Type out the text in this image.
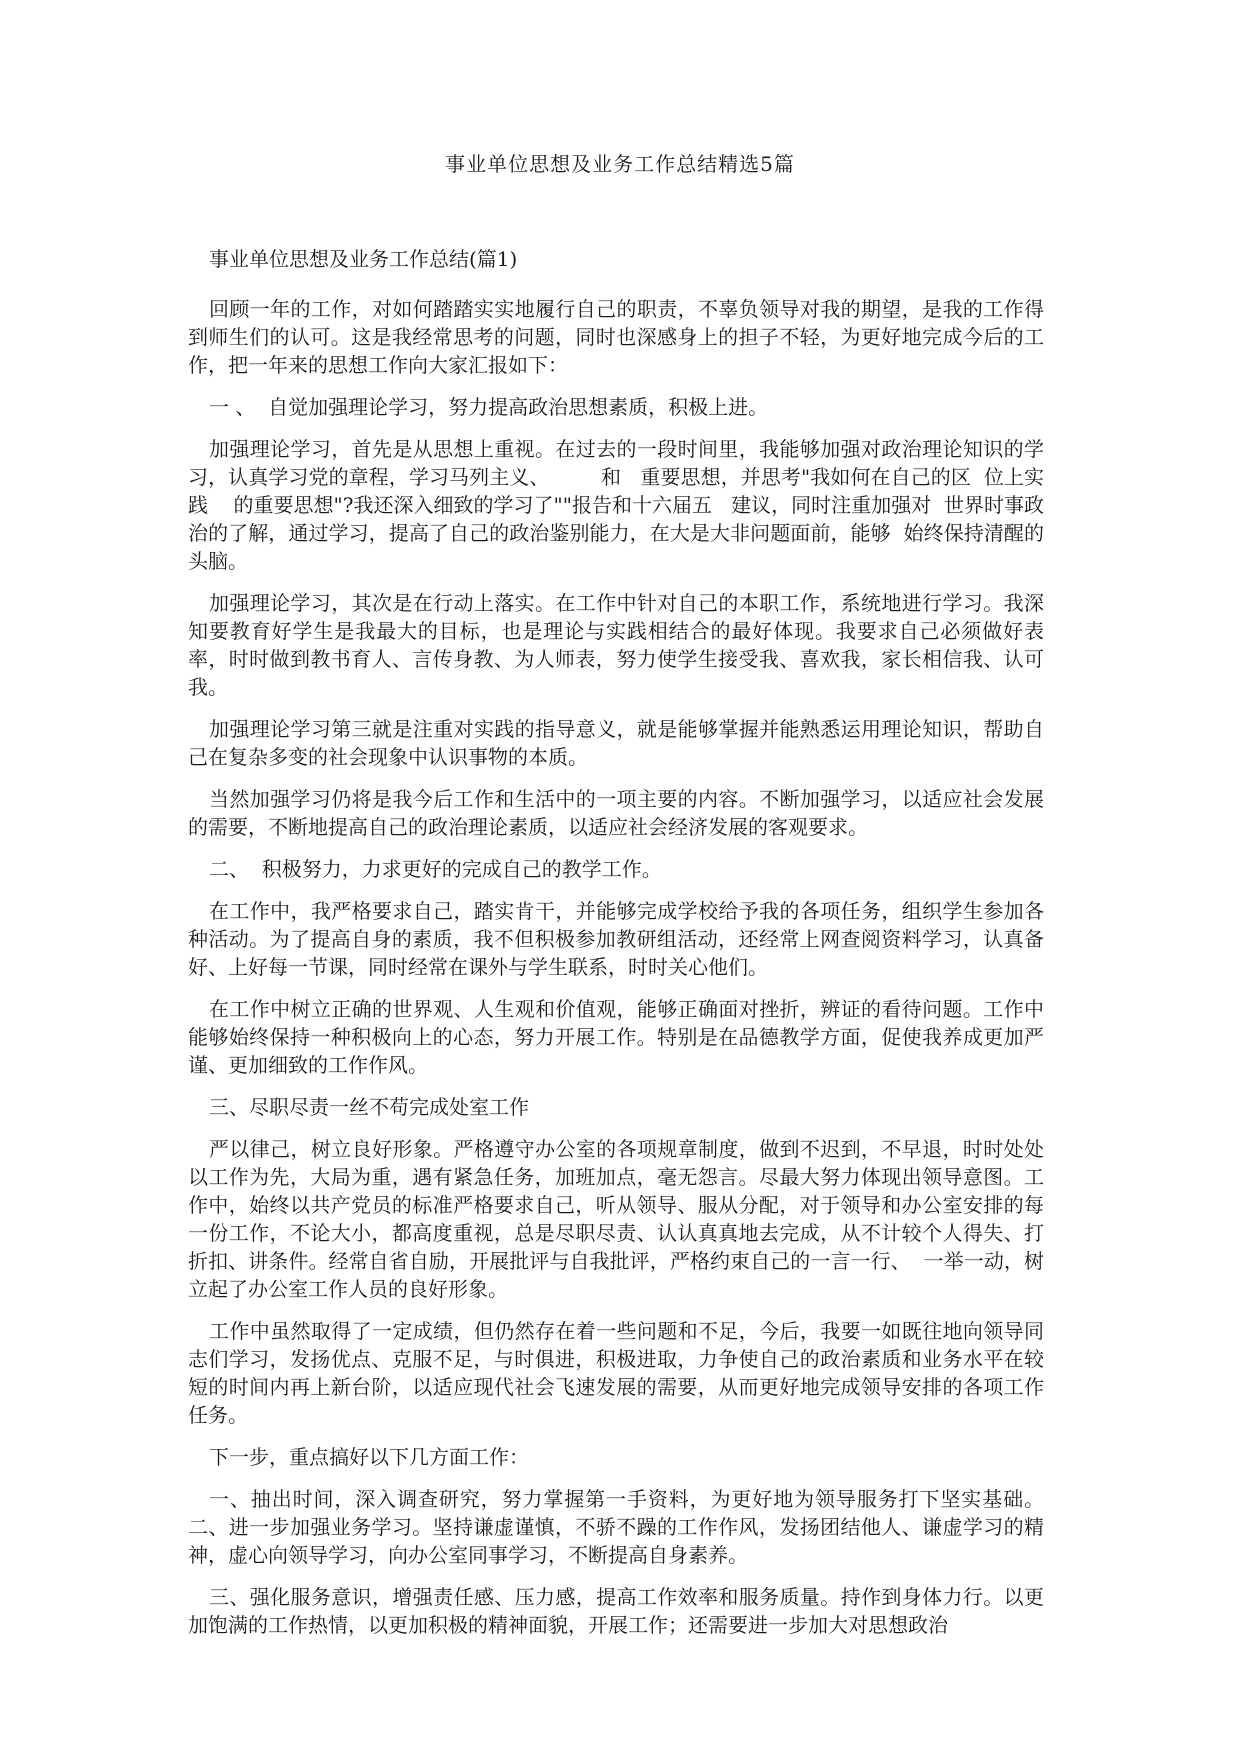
事业单位思想及业务工作总结精选5篇
事业单位思想及业务工作总结(篇1)

回顾一年的工作，对如何踏踏实实地履行自己的职责，不辜负领导对我的期望，是我的工作得到师生们的认可。这是我经常思考的问题，同时也深感身上的担子不轻，为更好地完成今后的工作，把一年来的思想工作向大家汇报如下：

一 、  自觉加强理论学习，努力提高政治思想素质，积极上进。

加强理论学习，首先是从思想上重视。在过去的一段时间里，我能够加强对政治理论知识的学习，认真学习党的章程，学习马列主义、        和   重要思想，并思考"我如何在自己的区  位上实践    的重要思想"?我还深入细致的学习了""报告和十六届五   建议，同时注重加强对  世界时事政治的了解，通过学习，提高了自己的政治鉴别能力，在大是大非问题面前，能够  始终保持清醒的头脑。

加强理论学习，其次是在行动上落实。在工作中针对自己的本职工作，系统地进行学习。我深知要教育好学生是我最大的目标，也是理论与实践相结合的最好体现。我要求自己必须做好表率，时时做到教书育人、言传身教、为人师表，努力使学生接受我、喜欢我，家长相信我、认可我。

加强理论学习第三就是注重对实践的指导意义，就是能够掌握并能熟悉运用理论知识，帮助自己在复杂多变的社会现象中认识事物的本质。

当然加强学习仍将是我今后工作和生活中的一项主要的内容。不断加强学习，以适应社会发展的需要，不断地提高自己的政治理论素质，以适应社会经济发展的客观要求。

二、  积极努力，力求更好的完成自己的教学工作。

在工作中，我严格要求自己，踏实肯干，并能够完成学校给予我的各项任务，组织学生参加各种活动。为了提高自身的素质，我不但积极参加教研组活动，还经常上网查阅资料学习，认真备好、上好每一节课，同时经常在课外与学生联系，时时关心他们。

在工作中树立正确的世界观、人生观和价值观，能够正确面对挫折，辨证的看待问题。工作中能够始终保持一种积极向上的心态，努力开展工作。特别是在品德教学方面，促使我养成更加严谨、更加细致的工作作风。

三、尽职尽责一丝不苟完成处室工作

严以律己，树立良好形象。严格遵守办公室的各项规章制度，做到不迟到，不早退，时时处处以工作为先，大局为重，遇有紧急任务，加班加点，毫无怨言。尽最大努力体现出领导意图。工作中，始终以共产党员的标准严格要求自己，听从领导、服从分配，对于领导和办公室安排的每一份工作，不论大小，都高度重视，总是尽职尽责、认认真真地去完成，从不计较个人得失、打折扣、讲条件。经常自省自励，开展批评与自我批评，严格约束自己的一言一行、  一举一动，树立起了办公室工作人员的良好形象。

工作中虽然取得了一定成绩，但仍然存在着一些问题和不足，今后，我要一如既往地向领导同志们学习，发扬优点、克服不足，与时俱进，积极进取，力争使自己的政治素质和业务水平在较短的时间内再上新台阶，以适应现代社会飞速发展的需要，从而更好地完成领导安排的各项工作任务。

下一步，重点搞好以下几方面工作：

一、抽出时间，深入调查研究，努力掌握第一手资料，为更好地为领导服务打下坚实基础。二、进一步加强业务学习。坚持谦虚谨慎，不骄不躁的工作作风，发扬团结他人、谦虚学习的精神，虚心向领导学习，向办公室同事学习，不断提高自身素养。

三、强化服务意识，增强责任感、压力感，提高工作效率和服务质量。持作到身体力行。以更加饱满的工作热情，以更加积极的精神面貌，开展工作；还需要进一步加大对思想政治
